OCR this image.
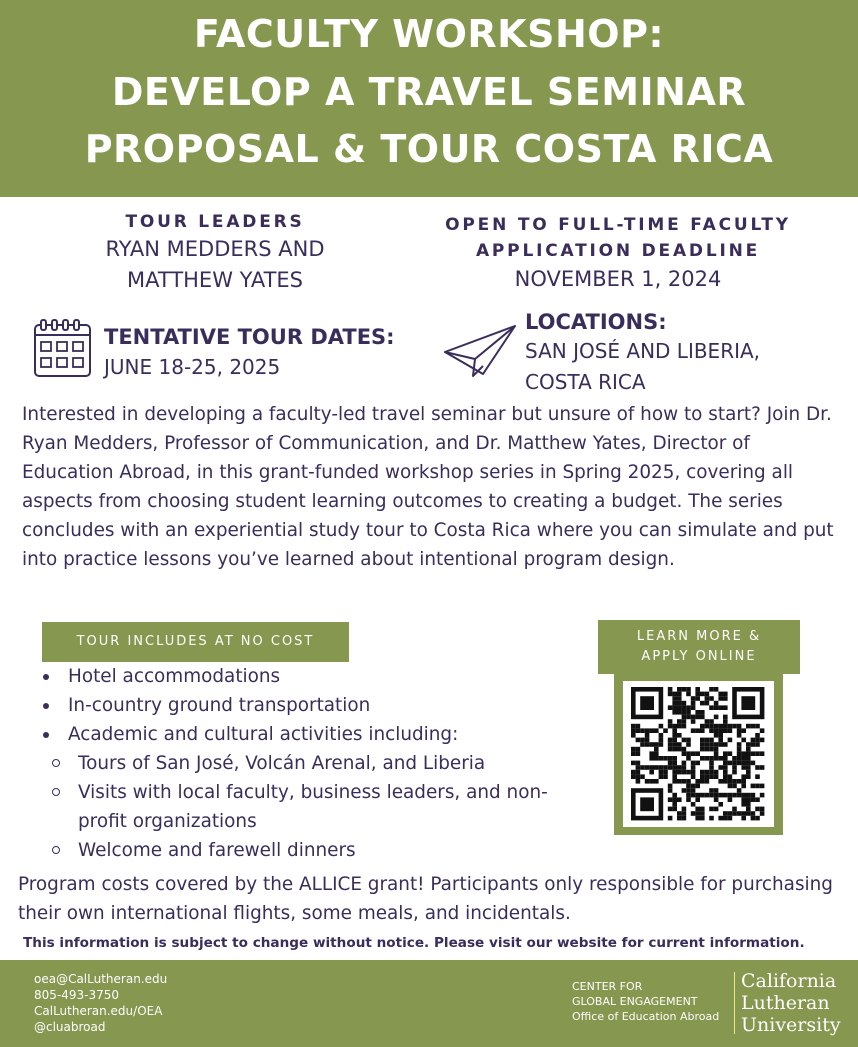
FACULTY WORKSHOP:
DEVELOP A TRAVEL SEMINAR
PROPOSAL & TOUR COSTA RICA
TOUR LEADERS
RYAN MEDDERS AND
MATTHEW YATES
OPEN TO FULL-TIME FACULTY
APPLICATION DEADLINE
NOVEMBER 1, 2024
TENTATIVE TOUR DATES:
JUNE 18-25, 2025
LOCATIONS:
SAN JOSÉ AND LIBERIA,
COSTA RICA
Interested in developing a faculty-led travel seminar but unsure of how to start? Join Dr. Ryan Medders, Professor of Communication, and Dr. Matthew Yates, Director of Education Abroad, in this grant-funded workshop series in Spring 2025, covering all aspects from choosing student learning outcomes to creating a budget. The series concludes with an experiential study tour to Costa Rica where you can simulate and put into practice lessons you’ve learned about intentional program design.
TOUR INCLUDES AT NO COST
Hotel accommodations
In-country ground transportation
Academic and cultural activities including:
Tours of San José, Volcán Arenal, and Liberia
Visits with local faculty, business leaders, and non-profit organizations
Welcome and farewell dinners
LEARN MORE &
APPLY ONLINE
Program costs covered by the ALLICE grant! Participants only responsible for purchasing their own international flights, some meals, and incidentals.
This information is subject to change without notice. Please visit our website for current information.
oea@CalLutheran.edu
805-493-3750
CalLutheran.edu/OEA
@cluabroad
CENTER FOR
GLOBAL ENGAGEMENT
Office of Education Abroad
California
Lutheran
University
